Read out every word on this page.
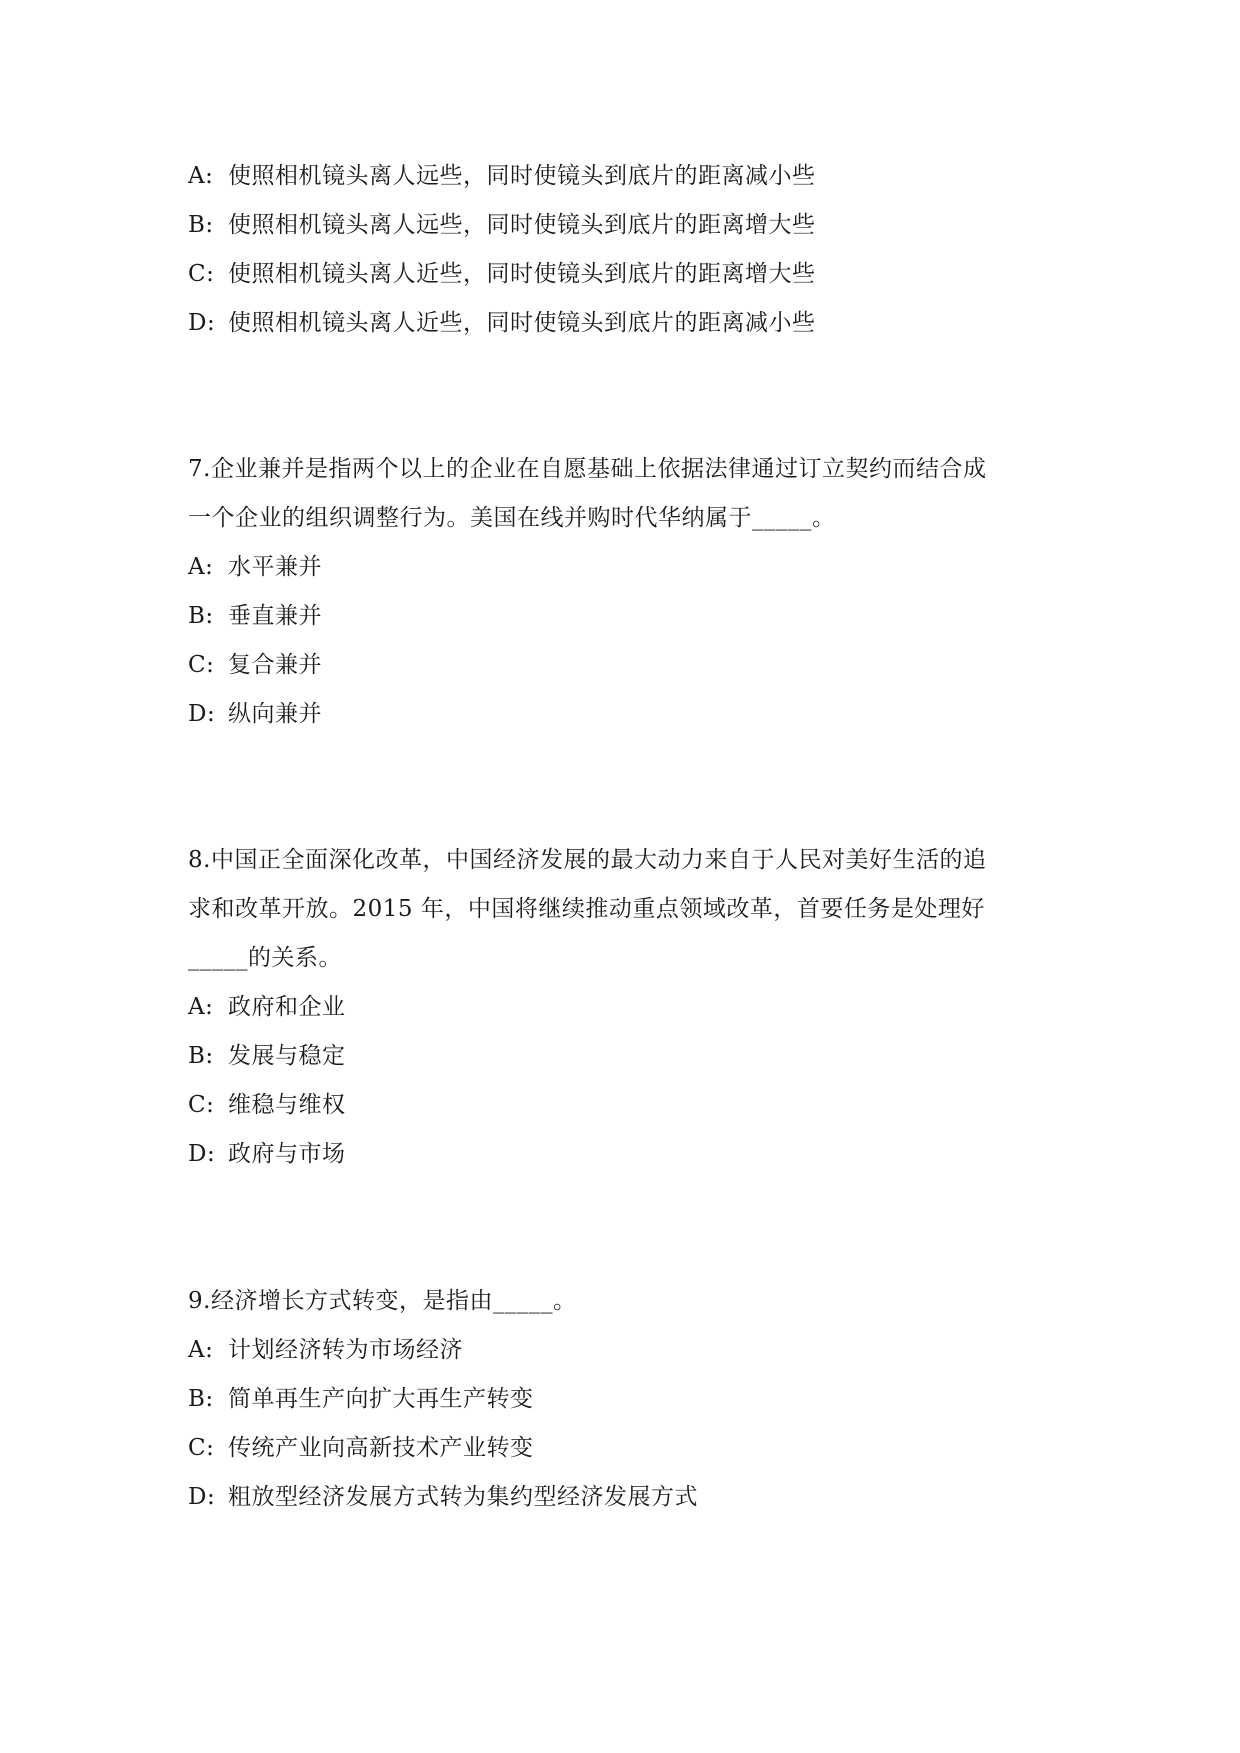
A: 使照相机镜头离人远些，同时使镜头到底片的距离减小些
B: 使照相机镜头离人远些，同时使镜头到底片的距离增大些
C: 使照相机镜头离人近些，同时使镜头到底片的距离增大些
D: 使照相机镜头离人近些，同时使镜头到底片的距离减小些
7.企业兼并是指两个以上的企业在自愿基础上依据法律通过订立契约而结合成
一个企业的组织调整行为。美国在线并购时代华纳属于_____。
A: 水平兼并
B: 垂直兼并
C: 复合兼并
D: 纵向兼并
8.中国正全面深化改革，中国经济发展的最大动力来自于人民对美好生活的追
求和改革开放。2015 年，中国将继续推动重点领域改革，首要任务是处理好
_____的关系。
A: 政府和企业
B: 发展与稳定
C: 维稳与维权
D: 政府与市场
9.经济增长方式转变，是指由_____。
A: 计划经济转为市场经济
B: 简单再生产向扩大再生产转变
C: 传统产业向高新技术产业转变
D: 粗放型经济发展方式转为集约型经济发展方式
